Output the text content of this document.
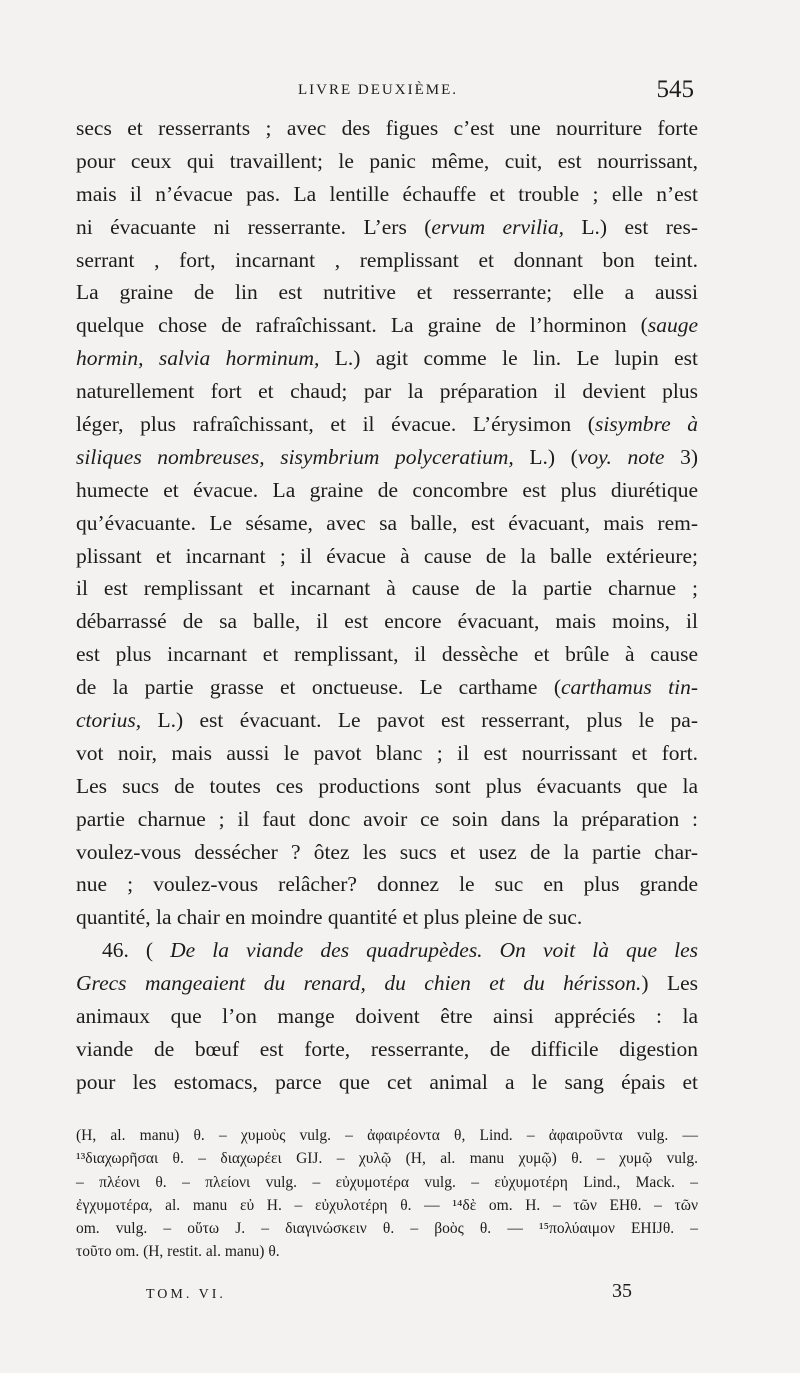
LIVRE DEUXIÈME.	545
secs et resserrants ; avec des figues c’est une nourriture forte
pour ceux qui travaillent; le panic même, cuit, est nourrissant,
mais il n’évacue pas. La lentille échauffe et trouble ; elle n’est
ni évacuante ni resserrante. L’ers (ervum ervilia, L.) est res-
serrant , fort, incarnant , remplissant et donnant bon teint.
La graine de lin est nutritive et resserrante; elle a aussi
quelque chose de rafraîchissant. La graine de l’horminon (sauge
hormin, salvia horminum, L.) agit comme le lin. Le lupin est
naturellement fort et chaud; par la préparation il devient plus
léger, plus rafraîchissant, et il évacue. L’érysimon (sisymbre à
siliques nombreuses, sisymbrium polyceratium, L.) (voy. note 3)
humecte et évacue. La graine de concombre est plus diurétique
qu’évacuante. Le sésame, avec sa balle, est évacuant, mais rem-
plissant et incarnant ; il évacue à cause de la balle extérieure;
il est remplissant et incarnant à cause de la partie charnue ;
débarrassé de sa balle, il est encore évacuant, mais moins, il
est plus incarnant et remplissant, il dessèche et brûle à cause
de la partie grasse et onctueuse. Le carthame (carthamus tin-
ctorius, L.) est évacuant. Le pavot est resserrant, plus le pa-
vot noir, mais aussi le pavot blanc ; il est nourrissant et fort.
Les sucs de toutes ces productions sont plus évacuants que la
partie charnue ; il faut donc avoir ce soin dans la préparation :
voulez-vous dessécher ? ôtez les sucs et usez de la partie char-
nue ; voulez-vous relâcher? donnez le suc en plus grande
quantité, la chair en moindre quantité et plus pleine de suc.
46. ( De la viande des quadrupèdes. On voit là que les
Grecs mangeaient du renard, du chien et du hérisson.) Les
animaux que l’on mange doivent être ainsi appréciés : la
viande de bœuf est forte, resserrante, de difficile digestion
pour les estomacs, parce que cet animal a le sang épais et
(H, al. manu) θ. – χυμοὺς vulg. – ἀφαιρέοντα θ, Lind. – ἀφαιροῦντα vulg. —
¹³διαχωρῆσαι θ. – διαχωρέει GIJ. – χυλῷ (H, al. manu χυμῷ) θ. – χυμῷ vulg.
– πλέονι θ. – πλείονι vulg. – εὐχυμοτέρα vulg. – εὐχυμοτέρη Lind., Mack. –
ἐγχυμοτέρα, al. manu εὐ H. – εὐχυλοτέρη θ. — ¹⁴δὲ om. H. – τῶν EHθ. – τῶν
om. vulg. – οὕτω J. – διαγινώσκειν θ. – βοὸς θ. — ¹⁵πολύαιμον EHIJθ. –
τοῦτο om. (H, restit. al. manu) θ.
TOM. VI.	35
